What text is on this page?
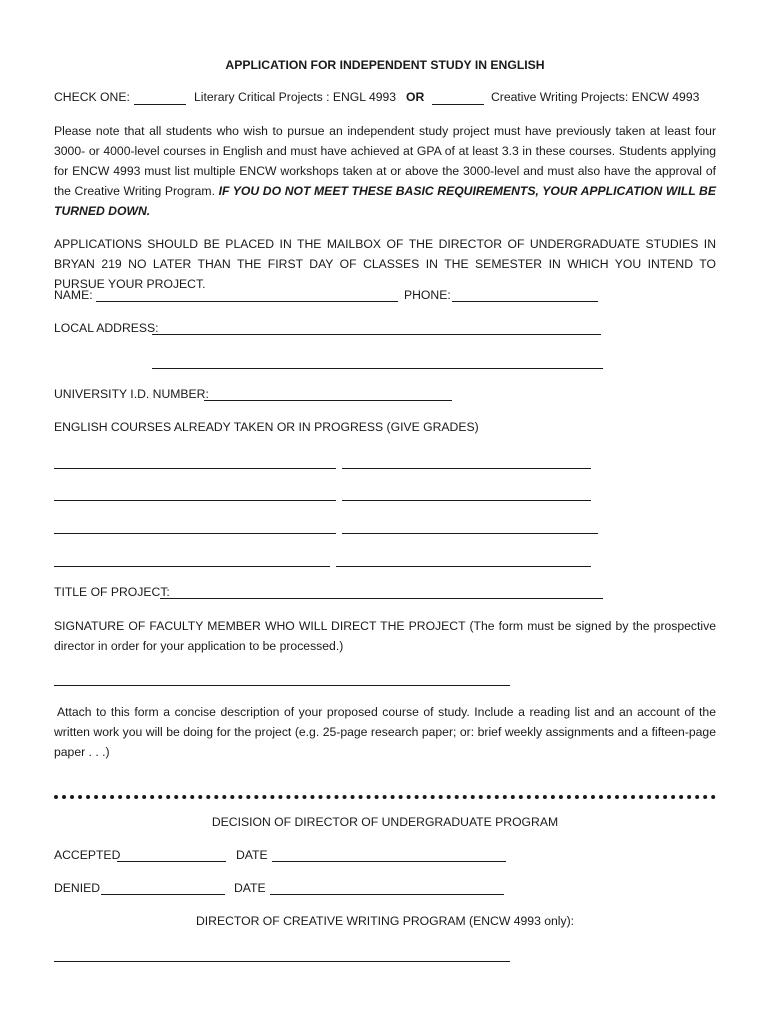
APPLICATION FOR INDEPENDENT STUDY IN ENGLISH
CHECK ONE:	Literary Critical Projects : ENGL 4993 OR	Creative Writing Projects: ENCW 4993
Please note that all students who wish to pursue an independent study project must have previously taken at least four 3000- or 4000-level courses in English and must have achieved at GPA of at least 3.3 in these courses. Students applying for ENCW 4993 must list multiple ENCW workshops taken at or above the 3000-level and must also have the approval of the Creative Writing Program. IF YOU DO NOT MEET THESE BASIC REQUIREMENTS, YOUR APPLICATION WILL BE TURNED DOWN.
APPLICATIONS SHOULD BE PLACED IN THE MAILBOX OF THE DIRECTOR OF UNDERGRADUATE STUDIES IN BRYAN 219 NO LATER THAN THE FIRST DAY OF CLASSES IN THE SEMESTER IN WHICH YOU INTEND TO PURSUE YOUR PROJECT.
NAME:	PHONE:
LOCAL ADDRESS:
UNIVERSITY I.D. NUMBER:
ENGLISH COURSES ALREADY TAKEN OR IN PROGRESS (GIVE GRADES)
TITLE OF PROJECT:
SIGNATURE OF FACULTY MEMBER WHO WILL DIRECT THE PROJECT (The form must be signed by the prospective director in order for your application to be processed.)
Attach to this form a concise description of your proposed course of study. Include a reading list and an account of the written work you will be doing for the project (e.g. 25-page research paper; or: brief weekly assignments and a fifteen-page paper . . .)
DECISION OF DIRECTOR OF UNDERGRADUATE PROGRAM
ACCEPTED	DATE
DENIED	DATE
DIRECTOR OF CREATIVE WRITING PROGRAM (ENCW 4993 only):
